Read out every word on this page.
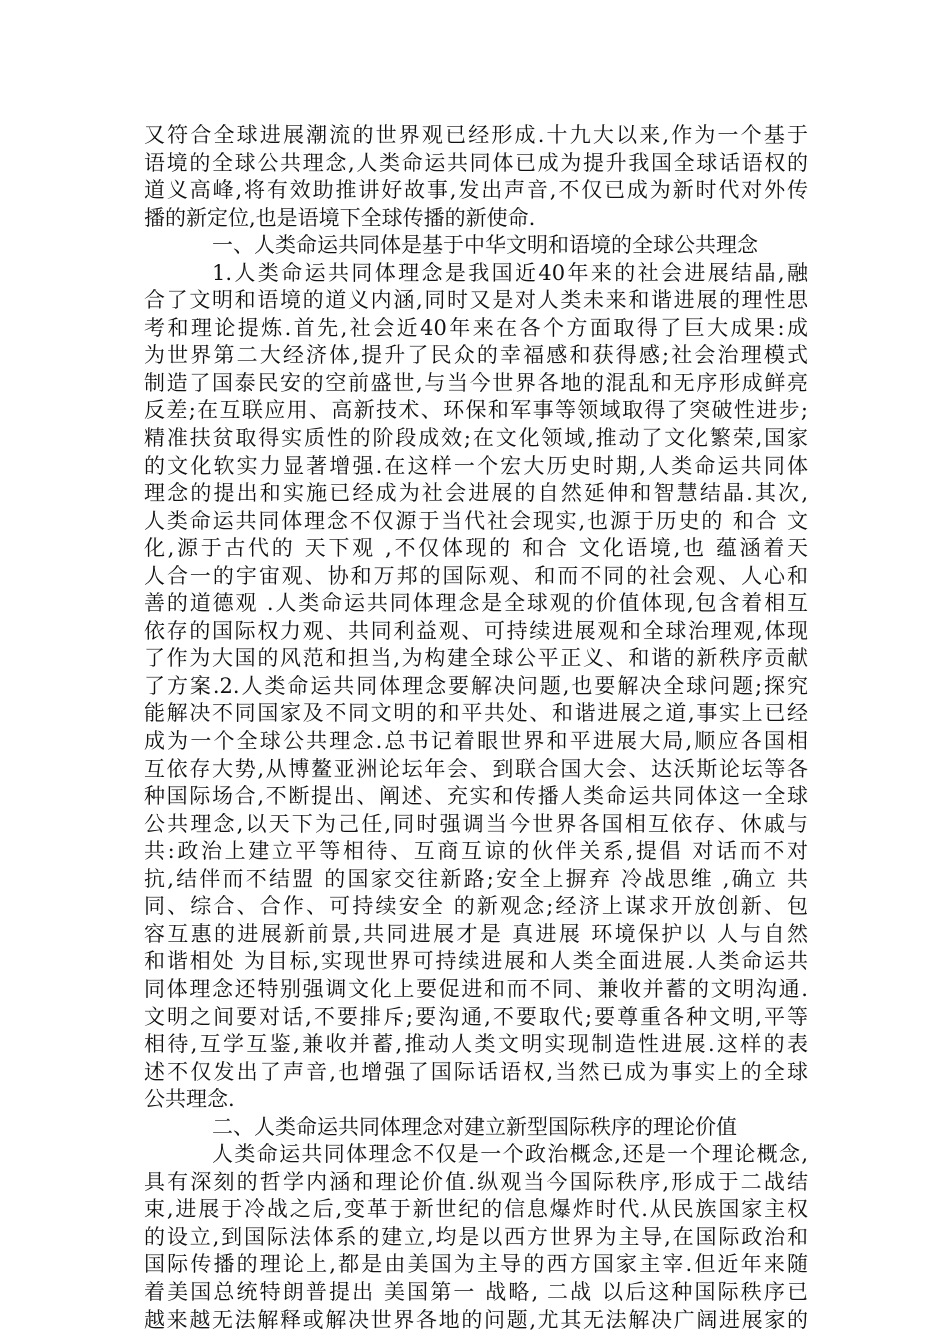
又符合全球进展潮流的世界观已经形成.十九大以来,作为一个基于
语境的全球公共理念,人类命运共同体已成为提升我国全球话语权的
道义高峰,将有效助推讲好故事,发出声音,不仅已成为新时代对外传
播的新定位,也是语境下全球传播的新使命.
一、人类命运共同体是基于中华文明和语境的全球公共理念
1.人类命运共同体理念是我国近40年来的社会进展结晶,融
合了文明和语境的道义内涵,同时又是对人类未来和谐进展的理性思
考和理论提炼.首先,社会近40年来在各个方面取得了巨大成果:成
为世界第二大经济体,提升了民众的幸福感和获得感;社会治理模式
制造了国泰民安的空前盛世,与当今世界各地的混乱和无序形成鲜亮
反差;在互联应用、高新技术、环保和军事等领域取得了突破性进步;
精准扶贫取得实质性的阶段成效;在文化领域,推动了文化繁荣,国家
的文化软实力显著增强.在这样一个宏大历史时期,人类命运共同体
理念的提出和实施已经成为社会进展的自然延伸和智慧结晶.其次,
人类命运共同体理念不仅源于当代社会现实,也源于历史的 和合 文
化,源于古代的 天下观 ,不仅体现的 和合 文化语境,也 蕴涵着天
人合一的宇宙观、协和万邦的国际观、和而不同的社会观、人心和
善的道德观 .人类命运共同体理念是全球观的价值体现,包含着相互
依存的国际权力观、共同利益观、可持续进展观和全球治理观,体现
了作为大国的风范和担当,为构建全球公平正义、和谐的新秩序贡献
了方案.2.人类命运共同体理念要解决问题,也要解决全球问题;探究
能解决不同国家及不同文明的和平共处、和谐进展之道,事实上已经
成为一个全球公共理念.总书记着眼世界和平进展大局,顺应各国相
互依存大势,从博鳌亚洲论坛年会、到联合国大会、达沃斯论坛等各
种国际场合,不断提出、阐述、充实和传播人类命运共同体这一全球
公共理念,以天下为己任,同时强调当今世界各国相互依存、休戚与
共:政治上建立平等相待、互商互谅的伙伴关系,提倡 对话而不对
抗,结伴而不结盟 的国家交往新路;安全上摒弃 冷战思维 ,确立 共
同、综合、合作、可持续安全 的新观念;经济上谋求开放创新、包
容互惠的进展新前景,共同进展才是 真进展 环境保护以 人与自然
和谐相处 为目标,实现世界可持续进展和人类全面进展.人类命运共
同体理念还特别强调文化上要促进和而不同、兼收并蓄的文明沟通.
文明之间要对话,不要排斥;要沟通,不要取代;要尊重各种文明,平等
相待,互学互鉴,兼收并蓄,推动人类文明实现制造性进展.这样的表
述不仅发出了声音,也增强了国际话语权,当然已成为事实上的全球
公共理念.
二、人类命运共同体理念对建立新型国际秩序的理论价值
人类命运共同体理念不仅是一个政治概念,还是一个理论概念,
具有深刻的哲学内涵和理论价值.纵观当今国际秩序,形成于二战结
束,进展于冷战之后,变革于新世纪的信息爆炸时代.从民族国家主权
的设立,到国际法体系的建立,均是以西方世界为主导,在国际政治和
国际传播的理论上,都是由美国为主导的西方国家主宰.但近年来随
着美国总统特朗普提出 美国第一 战略, 二战 以后这种国际秩序已
越来越无法解释或解决世界各地的问题,尤其无法解决广阔进展家的
